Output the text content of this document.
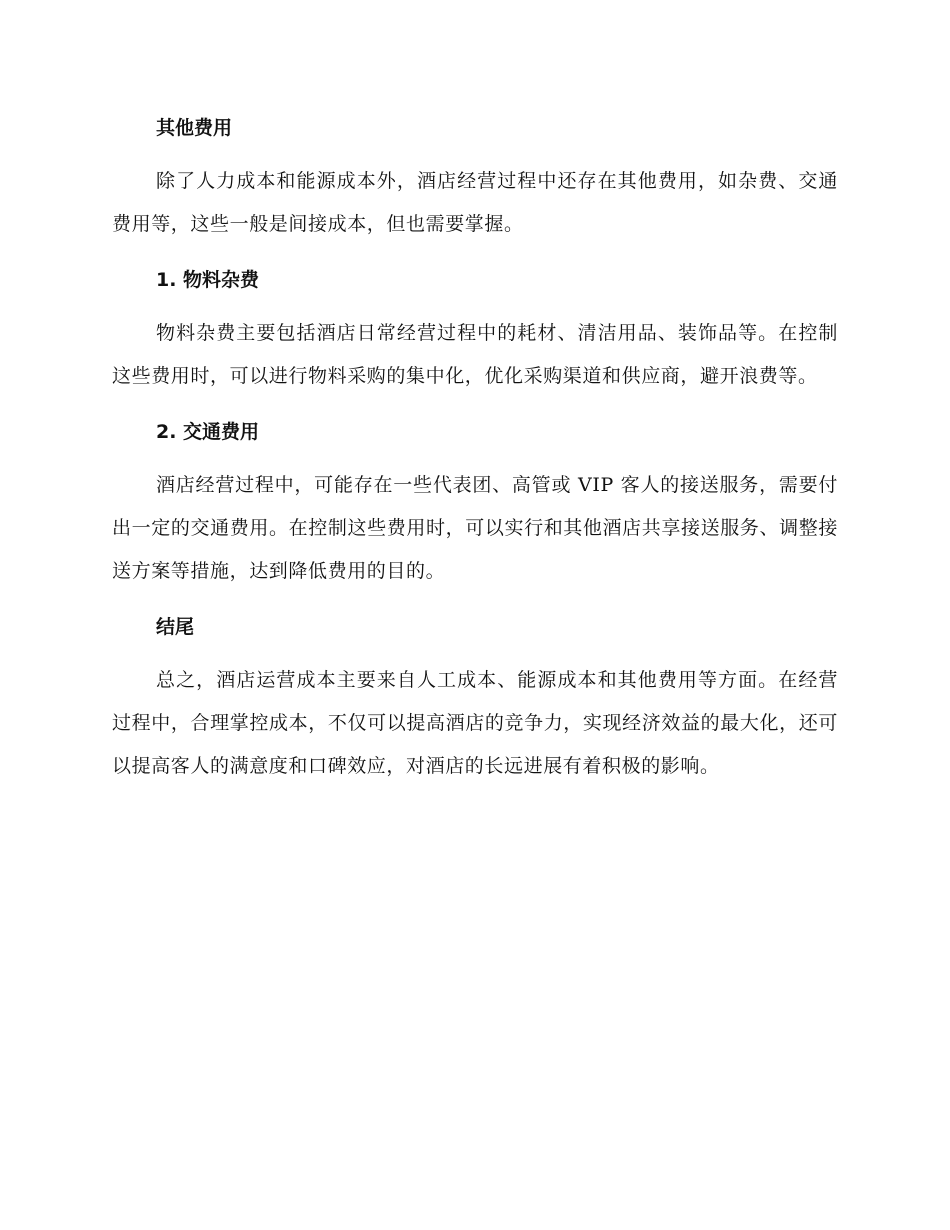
其他费用

除了人力成本和能源成本外，酒店经营过程中还存在其他费用，如杂费、交通费用等，这些一般是间接成本，但也需要掌握。

1. 物料杂费

物料杂费主要包括酒店日常经营过程中的耗材、清洁用品、装饰品等。在控制这些费用时，可以进行物料采购的集中化，优化采购渠道和供应商，避开浪费等。

2. 交通费用

酒店经营过程中，可能存在一些代表团、高管或 VIP 客人的接送服务，需要付出一定的交通费用。在控制这些费用时，可以实行和其他酒店共享接送服务、调整接送方案等措施，达到降低费用的目的。

结尾

总之，酒店运营成本主要来自人工成本、能源成本和其他费用等方面。在经营过程中，合理掌控成本，不仅可以提高酒店的竞争力，实现经济效益的最大化，还可以提高客人的满意度和口碑效应，对酒店的长远进展有着积极的影响。
